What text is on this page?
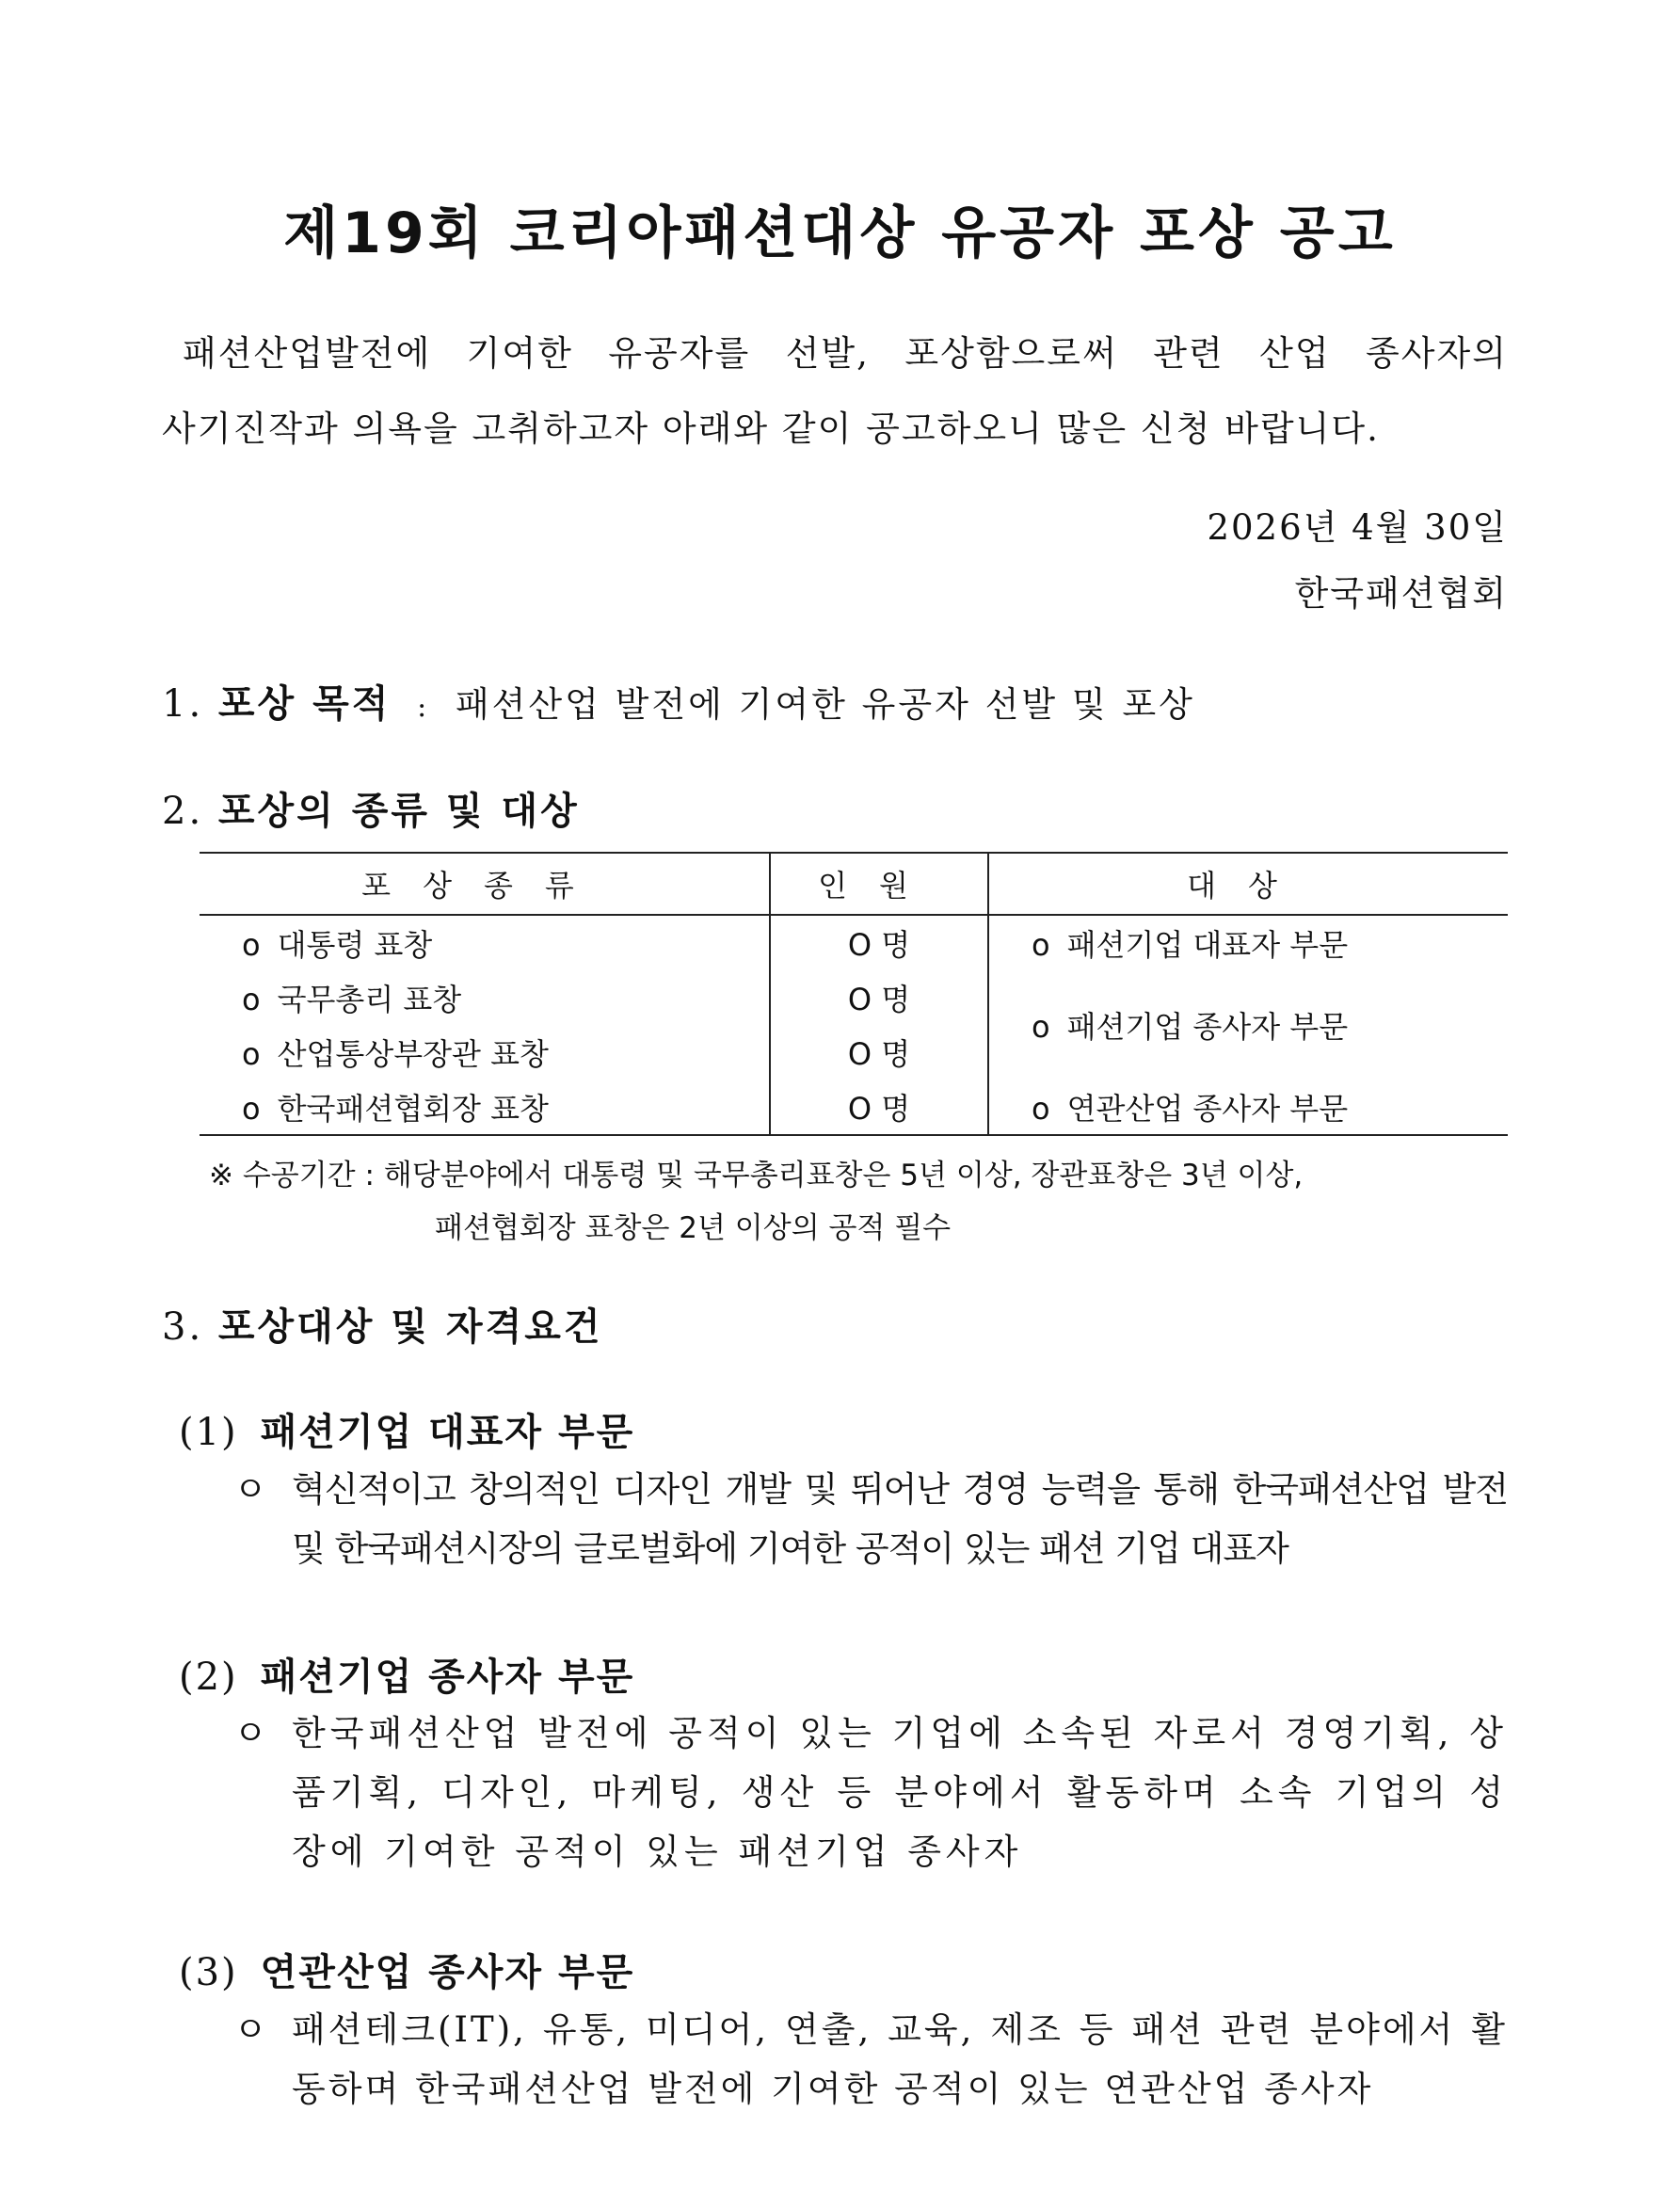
제19회 코리아패션대상 유공자 포상 공고

패션산업발전에 기여한 유공자를 선발, 포상함으로써 관련 산업 종사자의

사기진작과 의욕을 고취하고자 아래와 같이 공고하오니 많은 신청 바랍니다.

2026년 4월 30일
한국패션협회
1. 포상 목적 : 패션산업 발전에 기여한 유공자 선발 및 포상
2. 포상의 종류 및 대상
포상종류	인원	대상
o 대통령 표창	O 명	o 패션기업 대표자 부문
o 국무총리 표창	O 명	o 패션기업 종사자 부문
o 산업통상부장관 표창	O 명	
o 한국패션협회장 표창	O 명	o 연관산업 종사자 부문
※ 수공기간 : 해당분야에서 대통령 및 국무총리표창은 5년 이상, 장관표창은 3년 이상,
패션협회장 표창은 2년 이상의 공적 필수
3. 포상대상 및 자격요건
(1) 패션기업 대표자 부문
ㅇ 혁신적이고 창의적인 디자인 개발 및 뛰어난 경영 능력을 통해 한국패션산업 발전 및 한국패션시장의 글로벌화에 기여한 공적이 있는 패션 기업 대표자
(2) 패션기업 종사자 부문
ㅇ 한국패션산업 발전에 공적이 있는 기업에 소속된 자로서 경영기획, 상품기획, 디자인, 마케팅, 생산 등 분야에서 활동하며 소속 기업의 성장에 기여한 공적이 있는 패션기업 종사자
(3) 연관산업 종사자 부문
ㅇ 패션테크(IT), 유통, 미디어, 연출, 교육, 제조 등 패션 관련 분야에서 활동하며 한국패션산업 발전에 기여한 공적이 있는 연관산업 종사자
